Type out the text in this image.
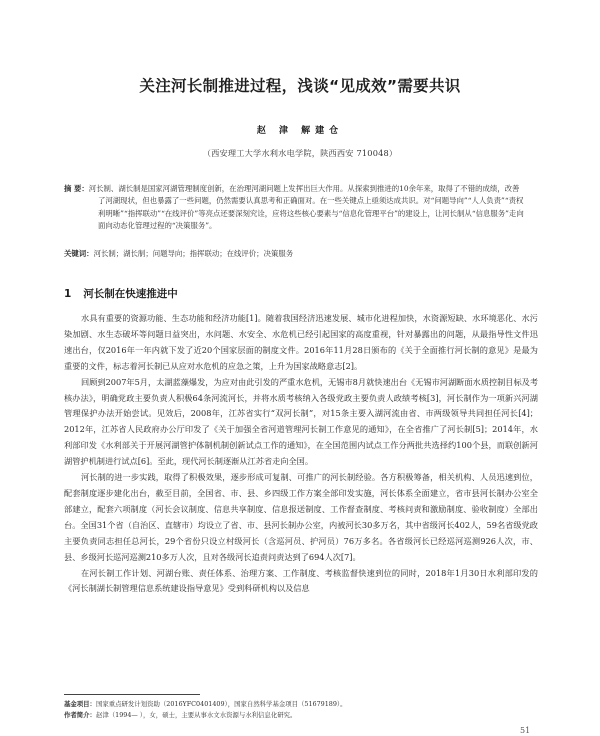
关注河长制推进过程，浅谈“见成效”需要共识
赵 津 解建仓
（西安理工大学水利水电学院，陕西西安 710048）
摘 要：河长制、湖长制是国家河湖管理制度创新，在治理河湖问题上发挥出巨大作用。从探索到推进的10余年来，取得了不错的成绩，改善了河湖现状，但也暴露了一些问题，仍然需要认真思考和正确面对。在一些关键点上亟须达成共识。对“问题导向”“人人负责”“责权利明晰”“指挥联动”“在线评价”等亮点还要深刻究诠，应将这些核心要素与“信息化管理平台”的建设上，让河长制从“信息服务”走向面向动态化管理过程的“决策服务”。
关键词：河长制；湖长制；问题导向；指挥联动；在线评价；决策服务
1 河长制在快速推进中

水具有重要的资源功能、生态功能和经济功能[1]。随着我国经济迅速发展、城市化进程加快，水资源短缺、水环境恶化、水污染加剧、水生态破坏等问题日益突出，水问题、水安全、水危机已经引起国家的高度重视，针对暴露出的问题，从最指导性文件迅速出台，仅2016年一年内就下发了近20个国家层面的制度文件。2016年11月28日颁布的《关于全面推行河长制的意见》是最为重要的文件，标志着河长制已从应对水危机的应急之策，上升为国家战略意志[2]。

回顾到2007年5月，太湖蓝藻爆发，为应对由此引发的严重水危机，无锡市8月就快速出台《无锡市河湖断面水质控制目标及考核办法》，明确党政主要负责人积极64条河流河长，并将水质考核纳入各级党政主要负责人政绩考核[3]，河长制作为一项新兴河湖管理保护办法开始尝试。见效后，2008年，江苏省实行“双河长制”，对15条主要入湖河流由省、市两级领导共同担任河长[4]；2012年，江苏省人民政府办公厅印发了《关于加强全省河道管理河长制工作意见的通知》，在全省推广了河长制[5]；2014年，水利部印发《水利部关于开展河湖管护体制机制创新试点工作的通知》，在全国范围内试点工作分两批共选择约100个县，而联创新河湖管护机制进行试点[6]。至此，现代河长制逐渐从江苏省走向全国。

河长制的进一步实践，取得了积极效果，逐步形成可复制、可推广的河长制经验。各方积极筹备，相关机构、人员迅速到位，配套制度逐步建化出台，截至目前，全国省、市、县、乡四级工作方案全部印发实施，河长体系全面建立，省市县河长制办公室全部建立，配套六项制度（河长会议制度、信息共享制度、信息报送制度、工作督查制度、考核问责和激励制度、验收制度）全部出台。全国31个省（自治区、直辖市）均设立了省、市、县河长制办公室，内被河长30多万名，其中省级河长402人，59名省级党政主要负责同志担任总河长，29个省份只设立村级河长（含巡河员、护河员）76万多名。各省级河长已经巡河巡测926人次，市、县、乡级河长巡河巡测210多万人次，且对各级河长追责问责达到了694人次[7]。

在河长制工作计划、河湖台账、责任体系、治理方案、工作制度、考核监督快速到位的同时，2018年1月30日水利部印发的《河长制湖长制管理信息系统建设指导意见》受到科研机构以及信息

基金项目：国家重点研发计划资助（2016YFC0401409），国家自然科学基金项目（51679189）。
作者简介：赵津（1994— ），女，硕士，主要从事水文水资源与水利信息化研究。
51
